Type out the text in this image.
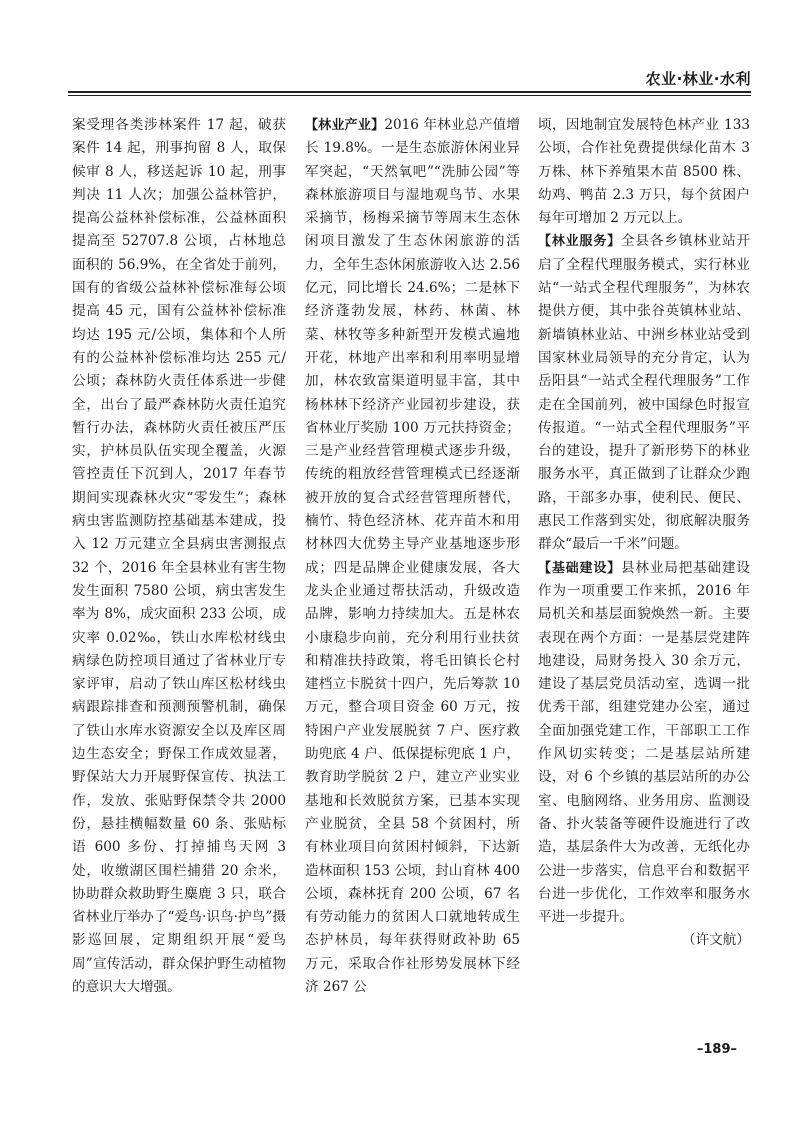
农业·林业·水利

案受理各类涉林案件 17 起，破获案件 14 起，刑事拘留 8 人，取保候审 8 人，移送起诉 10 起，刑事判决 11 人次；加强公益林管护，提高公益林补偿标准，公益林面积提高至 52707.8 公顷，占林地总面积的 56.9%，在全省处于前列，国有的省级公益林补偿标准每公顷提高 45 元，国有公益林补偿标准均达 195 元/公顷，集体和个人所有的公益林补偿标准均达 255 元/公顷；森林防火责任体系进一步健全，出台了最严森林防火责任追究暂行办法，森林防火责任被压严压实，护林员队伍实现全覆盖，火源管控责任下沉到人，2017 年春节期间实现森林火灾“零发生”；森林病虫害监测防控基础基本建成，投入 12 万元建立全县病虫害测报点 32 个，2016 年全县林业有害生物发生面积 7580 公顷，病虫害发生率为 8%，成灾面积 233 公顷，成灾率 0.02‰，铁山水库松材线虫病绿色防控项目通过了省林业厅专家评审，启动了铁山库区松材线虫病跟踪排查和预测预警机制，确保了铁山水库水资源安全以及库区周边生态安全；野保工作成效显著，野保站大力开展野保宣传、执法工作，发放、张贴野保禁令共 2000 份，悬挂横幅数量 60 条、张贴标语 600 多份、打掉捕鸟天网 3 处，收缴湖区围栏捕猎 20 余米，协助群众救助野生麋鹿 3 只，联合省林业厅举办了“爱鸟·识鸟·护鸟”摄影巡回展，定期组织开展“爱鸟周”宣传活动，群众保护野生动植物的意识大大增强。

【林业产业】2016 年林业总产值增长 19.8%。一是生态旅游休闲业异军突起，“天然氧吧”“洗肺公园”等森林旅游项目与湿地观鸟节、水果采摘节，杨梅采摘节等周末生态休闲项目激发了生态休闲旅游的活力，全年生态休闲旅游收入达 2.56 亿元，同比增长 24.6%；二是林下经济蓬勃发展，林药、林菌、林菜、林牧等多种新型开发模式遍地开花，林地产出率和利用率明显增加，林农致富渠道明显丰富，其中杨林林下经济产业园初步建设，获省林业厅奖励 100 万元扶持资金；三是产业经营管理模式逐步升级，传统的粗放经营管理模式已经逐渐被开放的复合式经营管理所替代，楠竹、特色经济林、花卉苗木和用材林四大优势主导产业基地逐步形成；四是品牌企业健康发展，各大龙头企业通过帮扶活动，升级改造品牌，影响力持续加大。五是林农小康稳步向前，充分利用行业扶贫和精准扶持政策，将毛田镇长仑村建档立卡脱贫十四户，先后筹款 10 万元，整合项目资金 60 万元，按特困户产业发展脱贫 7 户、医疗救助兜底 4 户、低保提标兜底 1 户，教育助学脱贫 2 户，建立产业实业基地和长效脱贫方案，已基本实现产业脱贫，全县 58 个贫困村，所有林业项目向贫困村倾斜，下达新造林面积 153 公顷，封山育林 400 公顷，森林抚育 200 公顷，67 名有劳动能力的贫困人口就地转成生态护林员，每年获得财政补助 65 万元，采取合作社形势发展林下经济 267 公

顷，因地制宜发展特色林产业 133 公顷，合作社免费提供绿化苗木 3 万株、林下养殖果木苗 8500 株、幼鸡、鸭苗 2.3 万只，每个贫困户每年可增加 2 万元以上。

【林业服务】全县各乡镇林业站开启了全程代理服务模式，实行林业站“一站式全程代理服务”，为林农提供方便，其中张谷英镇林业站、新墙镇林业站、中洲乡林业站受到国家林业局领导的充分肯定，认为岳阳县“一站式全程代理服务”工作走在全国前列，被中国绿色时报宣传报道。“一站式全程代理服务”平台的建设，提升了新形势下的林业服务水平，真正做到了让群众少跑路，干部多办事，使利民、便民、惠民工作落到实处，彻底解决服务群众“最后一千米”问题。

【基础建设】县林业局把基础建设作为一项重要工作来抓，2016 年局机关和基层面貌焕然一新。主要表现在两个方面：一是基层党建阵地建设，局财务投入 30 余万元，建设了基层党员活动室，选调一批优秀干部，组建党建办公室，通过全面加强党建工作，干部职工工作作风切实转变；二是基层站所建设，对 6 个乡镇的基层站所的办公室、电脑网络、业务用房、监测设备、扑火装备等硬件设施进行了改造，基层条件大为改善，无纸化办公进一步落实，信息平台和数据平台进一步优化，工作效率和服务水平进一步提升。

（许文航）

–189–
